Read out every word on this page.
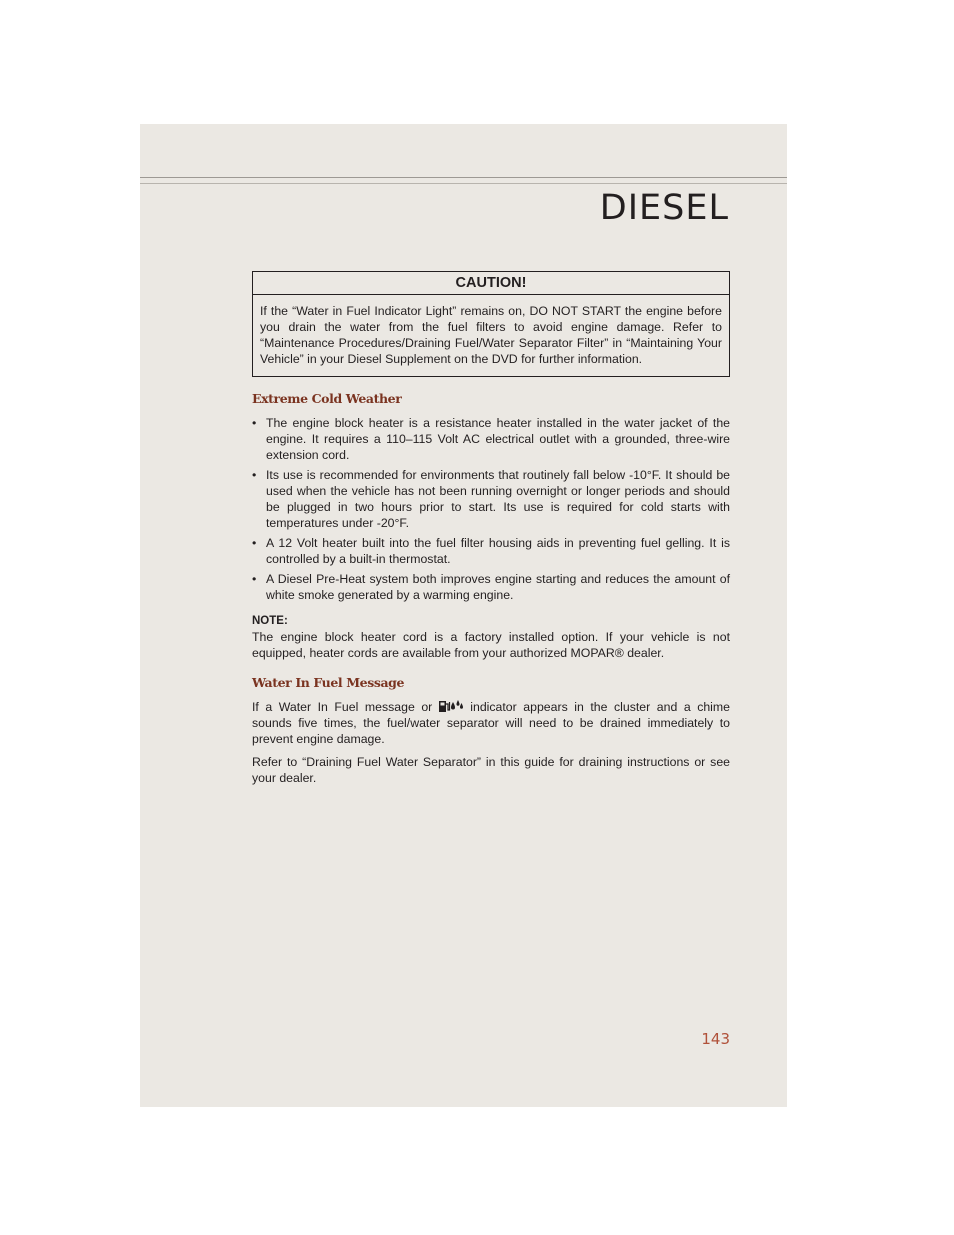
DIESEL
CAUTION!
If the “Water in Fuel Indicator Light” remains on, DO NOT START the engine before you drain the water from the fuel filters to avoid engine damage. Refer to “Maintenance Procedures/Draining Fuel/Water Separator Filter” in “Maintaining Your Vehicle” in your Diesel Supplement on the DVD for further information.
Extreme Cold Weather
• The engine block heater is a resistance heater installed in the water jacket of the engine. It requires a 110–115 Volt AC electrical outlet with a grounded, three-wire extension cord.
• Its use is recommended for environments that routinely fall below -10°F. It should be used when the vehicle has not been running overnight or longer periods and should be plugged in two hours prior to start. Its use is required for cold starts with temperatures under -20°F.
• A 12 Volt heater built into the fuel filter housing aids in preventing fuel gelling. It is controlled by a built-in thermostat.
• A Diesel Pre-Heat system both improves engine starting and reduces the amount of white smoke generated by a warming engine.
NOTE:

The engine block heater cord is a factory installed option. If your vehicle is not equipped, heater cords are available from your authorized MOPAR® dealer.

Water In Fuel Message

If a Water In Fuel message or	indicator appears in the cluster and a chime sounds five times, the fuel/water separator will need to be drained immediately to prevent engine damage.

Refer to “Draining Fuel Water Separator” in this guide for draining instructions or see your dealer.

143
